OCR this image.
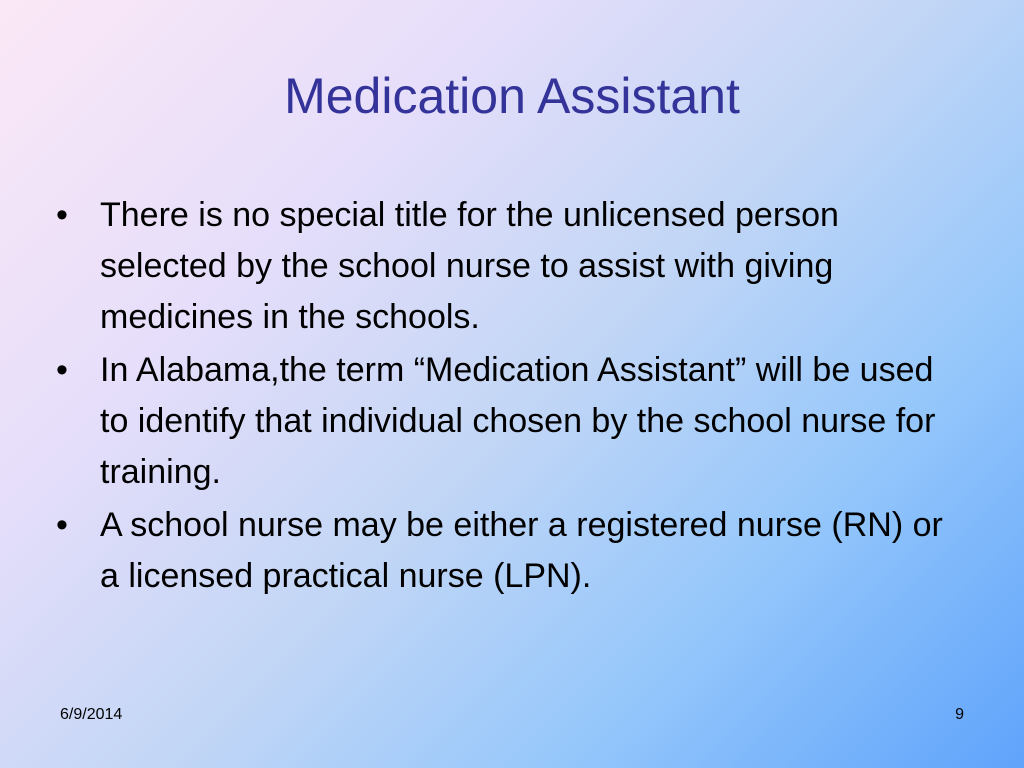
Medication Assistant
• There is no special title for the unlicensed person selected by the school nurse to assist with giving medicines in the schools.
• In Alabama,the term “Medication Assistant” will be used to identify that individual chosen by the school nurse for training.
• A school nurse may be either a registered nurse (RN) or a licensed practical nurse (LPN).
6/9/2014	9
